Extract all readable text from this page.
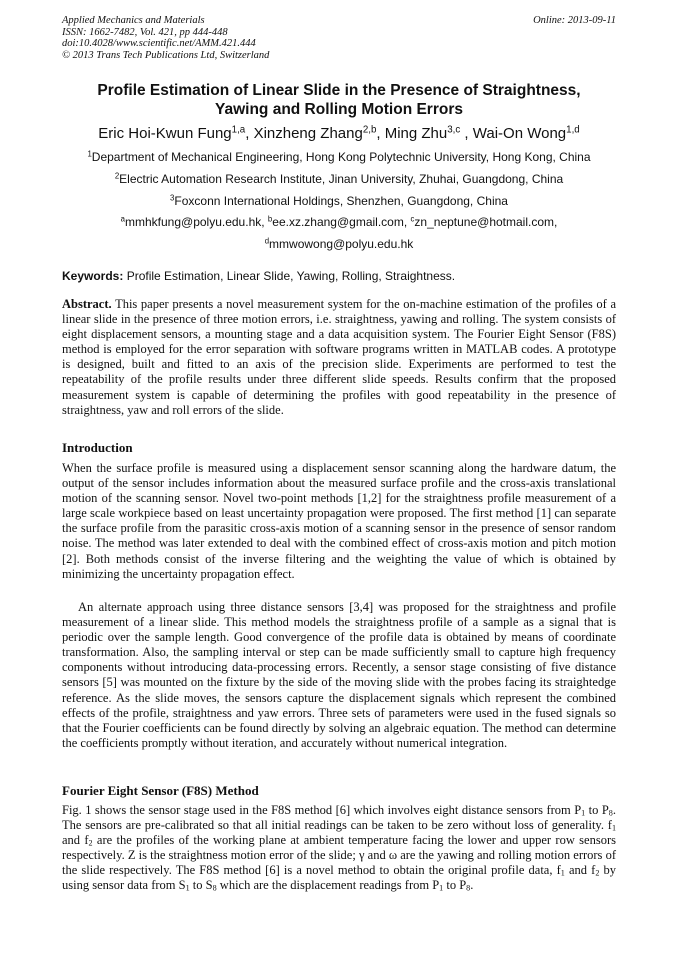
Applied Mechanics and Materials
ISSN: 1662-7482, Vol. 421, pp 444-448
doi:10.4028/www.scientific.net/AMM.421.444
© 2013 Trans Tech Publications Ltd, Switzerland
Online: 2013-09-11
Profile Estimation of Linear Slide in the Presence of Straightness,
Yawing and Rolling Motion Errors
Eric Hoi-Kwun Fung$^{1,a}$, Xinzheng Zhang$^{2,b}$, Ming Zhu$^{3,c}$ , Wai-On Wong$^{1,d}$
$^1$Department of Mechanical Engineering, Hong Kong Polytechnic University, Hong Kong, China
$^2$Electric Automation Research Institute, Jinan University, Zhuhai, Guangdong, China
$^3$Foxconn International Holdings, Shenzhen, Guangdong, China
$^a$mmhkfung@polyu.edu.hk, $^b$ee.xz.zhang@gmail.com, $^c$zn_neptune@hotmail.com,
$^d$mmwowong@polyu.edu.hk
Keywords: Profile Estimation, Linear Slide, Yawing, Rolling, Straightness.

Abstract. This paper presents a novel measurement system for the on-machine estimation of the profiles of a linear slide in the presence of three motion errors, i.e. straightness, yawing and rolling. The system consists of eight displacement sensors, a mounting stage and a data acquisition system. The Fourier Eight Sensor (F8S) method is employed for the error separation with software programs written in MATLAB codes. A prototype is designed, built and fitted to an axis of the precision slide. Experiments are performed to test the repeatability of the profile results under three different slide speeds. Results confirm that the proposed measurement system is capable of determining the profiles with good repeatability in the presence of straightness, yaw and roll errors of the slide.

Introduction

When the surface profile is measured using a displacement sensor scanning along the hardware datum, the output of the sensor includes information about the measured surface profile and the cross-axis translational motion of the scanning sensor. Novel two-point methods [1,2] for the straightness profile measurement of a large scale workpiece based on least uncertainty propagation were proposed. The first method [1] can separate the surface profile from the parasitic cross-axis motion of a scanning sensor in the presence of sensor random noise. The method was later extended to deal with the combined effect of cross-axis motion and pitch motion [2]. Both methods consist of the inverse filtering and the weighting the value of which is obtained by minimizing the uncertainty propagation effect.

An alternate approach using three distance sensors [3,4] was proposed for the straightness and profile measurement of a linear slide. This method models the straightness profile of a sample as a signal that is periodic over the sample length. Good convergence of the profile data is obtained by means of coordinate transformation. Also, the sampling interval or step can be made sufficiently small to capture high frequency components without introducing data-processing errors. Recently, a sensor stage consisting of five distance sensors [5] was mounted on the fixture by the side of the moving slide with the probes facing its straightedge reference. As the slide moves, the sensors capture the displacement signals which represent the combined effects of the profile, straightness and yaw errors. Three sets of parameters were used in the fused signals so that the Fourier coefficients can be found directly by solving an algebraic equation. The method can determine the coefficients promptly without iteration, and accurately without numerical integration.

Fourier Eight Sensor (F8S) Method

Fig. 1 shows the sensor stage used in the F8S method [6] which involves eight distance sensors from $P_1$ to $P_8$. The sensors are pre-calibrated so that all initial readings can be taken to be zero without loss of generality. $f_1$ and $f_2$ are the profiles of the working plane at ambient temperature facing the lower and upper row sensors respectively. Z is the straightness motion error of the slide; γ and ω are the yawing and rolling motion errors of the slide respectively. The F8S method [6] is a novel method to obtain the original profile data, $f_1$ and $f_2$ by using sensor data from $S_1$ to $S_8$ which are the displacement readings from $P_1$ to $P_8$.
